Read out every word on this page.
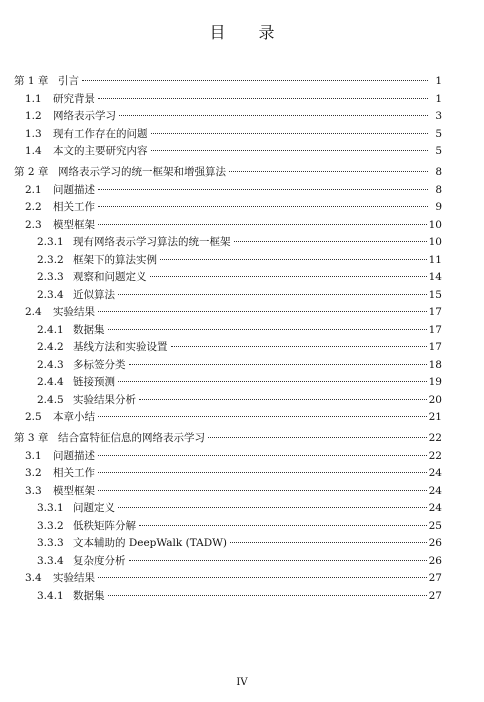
目 录
第 1 章 引言	1
1.1	研究背景	1
1.2	网络表示学习	3
1.3	现有工作存在的问题	5
1.4	本文的主要研究内容	5
第 2 章 网络表示学习的统一框架和增强算法	8
2.1	问题描述	8
2.2	相关工作	9
2.3	模型框架	10
2.3.1 现有网络表示学习算法的统一框架	10
2.3.2 框架下的算法实例	11
2.3.3 观察和问题定义	14
2.3.4 近似算法	15
2.4	实验结果	17
2.4.1 数据集	17
2.4.2 基线方法和实验设置	17
2.4.3 多标签分类	18
2.4.4 链接预测	19
2.4.5 实验结果分析	20
2.5	本章小结	21
第 3 章 结合富特征信息的网络表示学习	22
3.1	问题描述	22
3.2	相关工作	24
3.3	模型框架	24
3.3.1 问题定义	24
3.3.2 低秩矩阵分解	25
3.3.3 文本辅助的 DeepWalk (TADW)	26
3.3.4 复杂度分析	26
3.4	实验结果	27
3.4.1 数据集	27
IV
